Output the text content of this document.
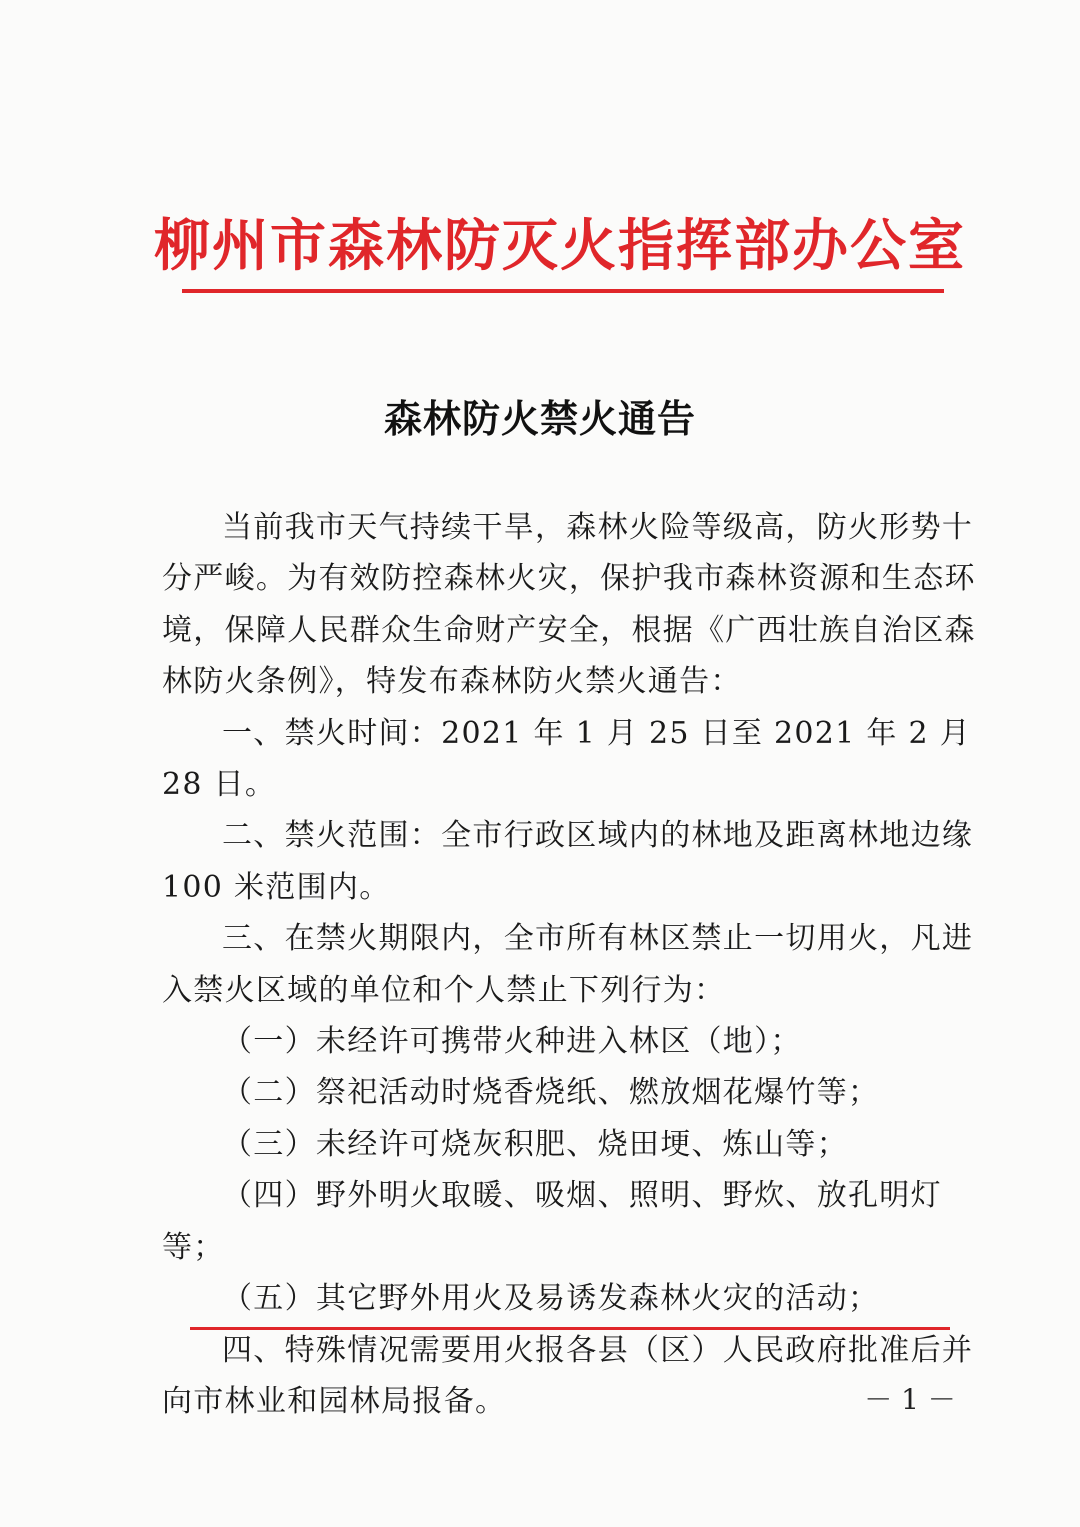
柳州市森林防灭火指挥部办公室
森林防火禁火通告

当前我市天气持续干旱，森林火险等级高，防火形势十分严峻。为有效防控森林火灾，保护我市森林资源和生态环境，保障人民群众生命财产安全，根据《广西壮族自治区森林防火条例》，特发布森林防火禁火通告：

一、禁火时间：2021 年 1 月 25 日至 2021 年 2 月 28 日。

二、禁火范围：全市行政区域内的林地及距离林地边缘 100 米范围内。

三、在禁火期限内，全市所有林区禁止一切用火，凡进入禁火区域的单位和个人禁止下列行为：

（一）未经许可携带火种进入林区（地）；

（二）祭祀活动时烧香烧纸、燃放烟花爆竹等；

（三）未经许可烧灰积肥、烧田埂、炼山等；

（四）野外明火取暖、吸烟、照明、野炊、放孔明灯等；

（五）其它野外用火及易诱发森林火灾的活动；

四、特殊情况需要用火报各县（区）人民政府批准后并向市林业和园林局报备。	－ 1 －
